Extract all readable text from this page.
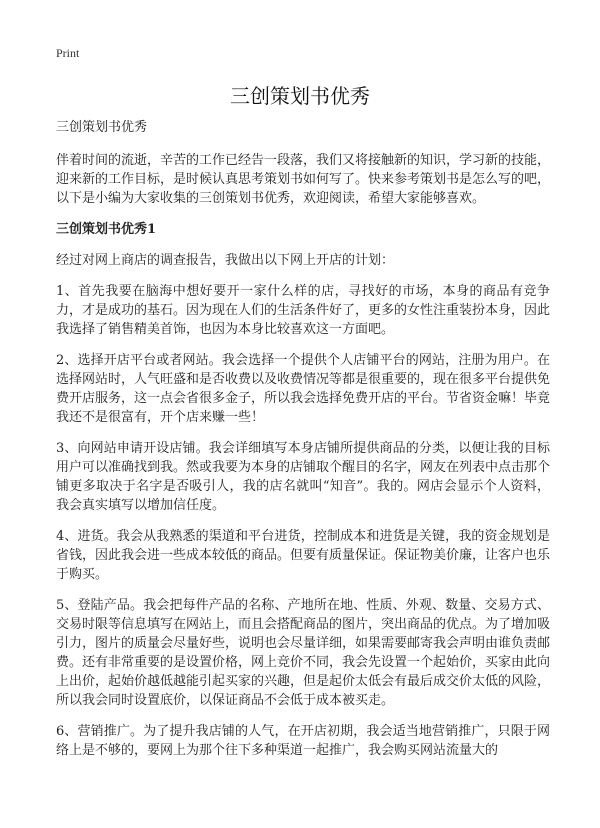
Print
三创策划书优秀

三创策划书优秀

伴着时间的流逝，辛苦的工作已经告一段落，我们又将接触新的知识，学习新的技能，迎来新的工作目标，是时候认真思考策划书如何写了。快来参考策划书是怎么写的吧，以下是小编为大家收集的三创策划书优秀，欢迎阅读，希望大家能够喜欢。

三创策划书优秀1

经过对网上商店的调查报告，我做出以下网上开店的计划：

1、首先我要在脑海中想好要开一家什么样的店，寻找好的市场，本身的商品有竞争力，才是成功的基石。因为现在人们的生活条件好了，更多的女性注重装扮本身，因此我选择了销售精美首饰，也因为本身比较喜欢这一方面吧。

2、选择开店平台或者网站。我会选择一个提供个人店铺平台的网站，注册为用户。在选择网站时，人气旺盛和是否收费以及收费情况等都是很重要的，现在很多平台提供免费开店服务，这一点会省很多金子，所以我会选择免费开店的平台。节省资金嘛！毕竟我还不是很富有，开个店来赚一些！

3、向网站申请开设店铺。我会详细填写本身店铺所提供商品的分类，以便让我的目标用户可以准确找到我。然或我要为本身的店铺取个醒目的名字，网友在列表中点击那个铺更多取决于名字是否吸引人，我的店名就叫“知音”。我的。网店会显示个人资料，我会真实填写以增加信任度。

4、进货。我会从我熟悉的渠道和平台进货，控制成本和进货是关键，我的资金规划是省钱，因此我会进一些成本较低的商品。但要有质量保证。保证物美价廉，让客户也乐于购买。

5、登陆产品。我会把每件产品的名称、产地所在地、性质、外观、数量、交易方式、交易时限等信息填写在网站上，而且会搭配商品的图片，突出商品的优点。为了增加吸引力，图片的质量会尽量好些，说明也会尽量详细，如果需要邮寄我会声明由谁负责邮费。还有非常重要的是设置价格，网上竞价不同，我会先设置一个起始价，买家由此向上出价，起始价越低越能引起买家的兴趣，但是起价太低会有最后成交价太低的风险，所以我会同时设置底价，以保证商品不会低于成本被买走。

6、营销推广。为了提升我店铺的人气，在开店初期，我会适当地营销推广，只限于网络上是不够的，要网上为那个往下多种渠道一起推广，我会购买网站流量大的
